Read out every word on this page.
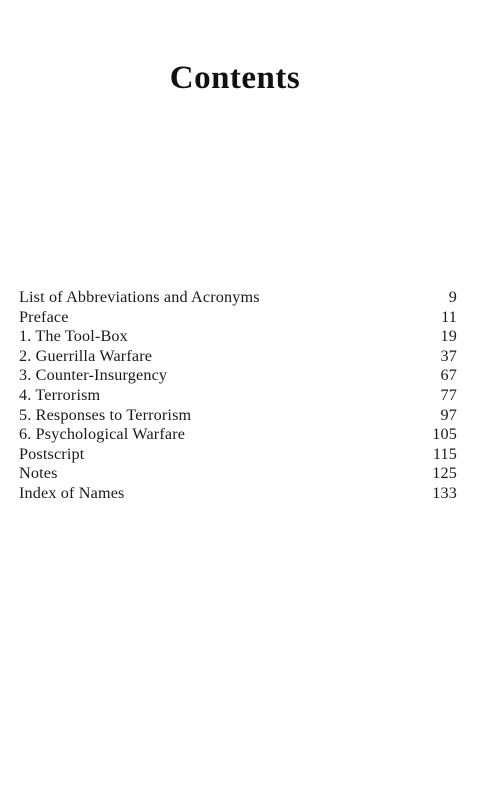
Contents
List of Abbreviations and Acronyms	9
Preface	11
1. The Tool-Box	19
2. Guerrilla Warfare	37
3. Counter-Insurgency	67
4. Terrorism	77
5. Responses to Terrorism	97
6. Psychological Warfare	105
Postscript	115
Notes	125
Index of Names	133
